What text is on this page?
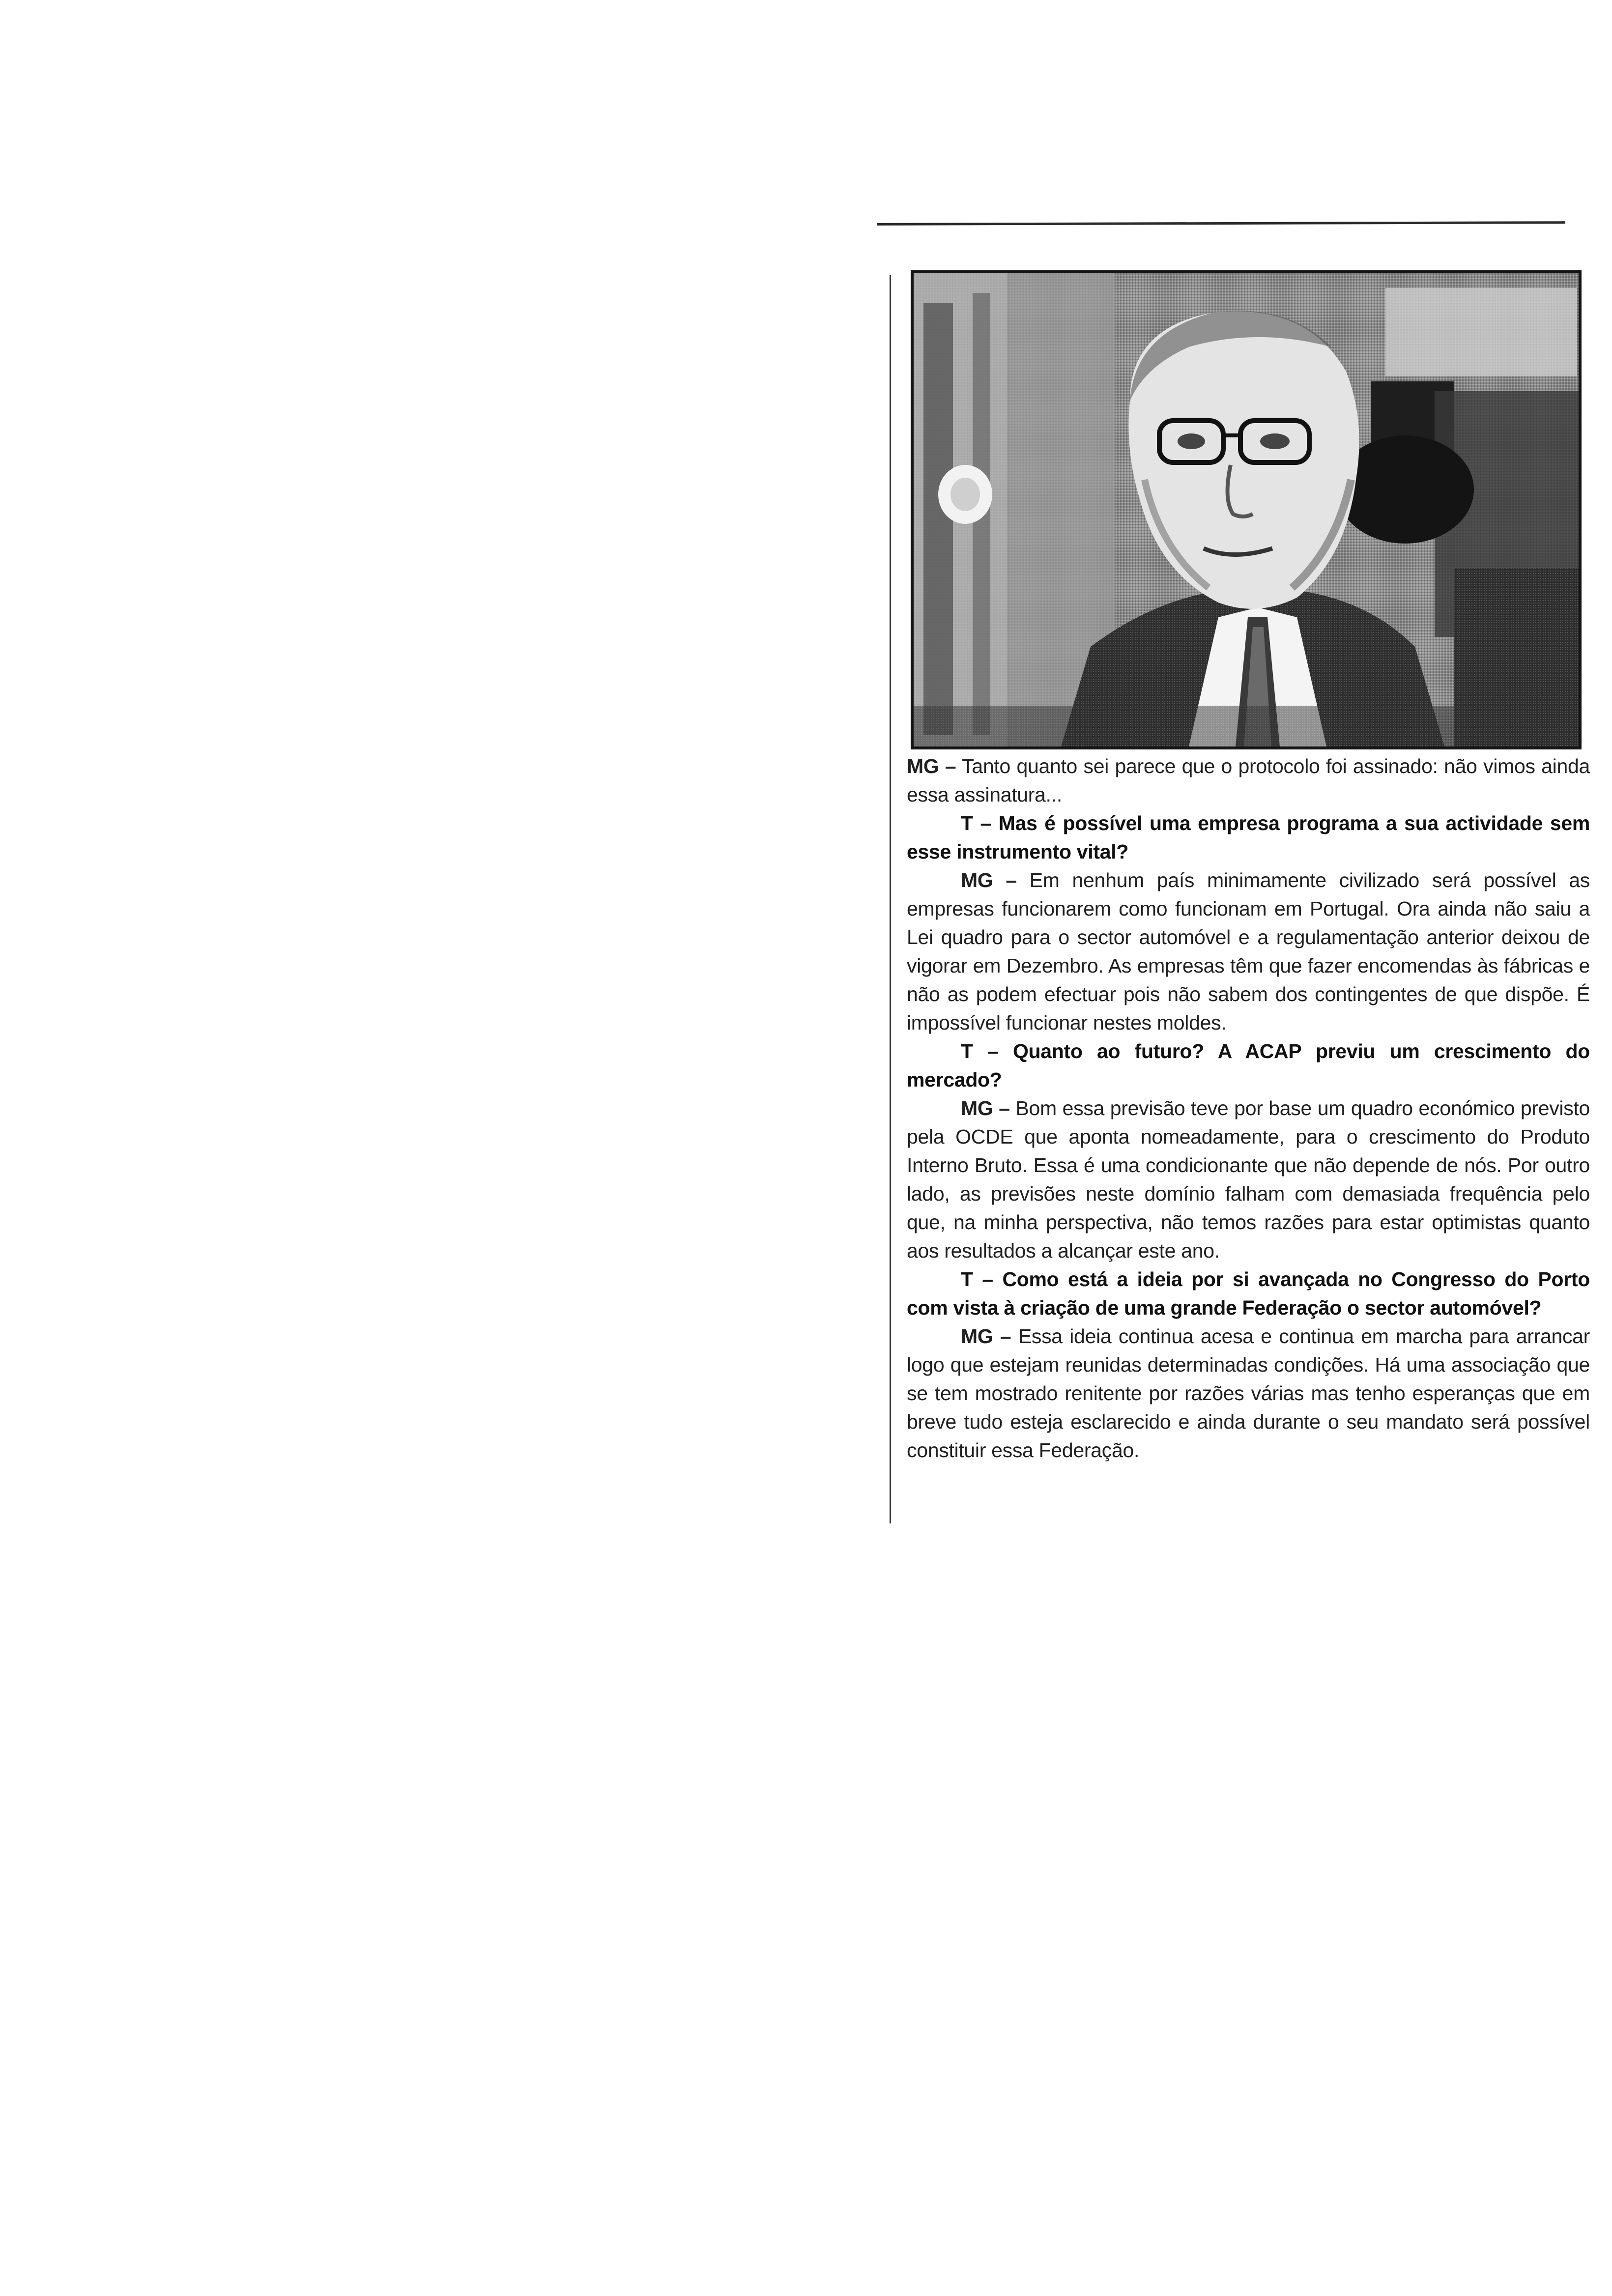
MG – Tanto quanto sei parece que o protocolo foi assinado: não vimos ainda essa assinatura...

T – Mas é possível uma empresa programa a sua actividade sem esse instrumento vital?

MG – Em nenhum país minimamente civilizado será possível as empresas funcionarem como funcionam em Portugal. Ora ainda não saiu a Lei quadro para o sector automóvel e a regulamentação anterior deixou de vigorar em Dezembro. As empresas têm que fazer encomendas às fábricas e não as podem efectuar pois não sabem dos contingentes de que dispõe. É impossível funcionar nestes moldes.

T – Quanto ao futuro? A ACAP previu um crescimento do mercado?

MG – Bom essa previsão teve por base um quadro económico previsto pela OCDE que aponta nomeadamente, para o crescimento do Produto Interno Bruto. Essa é uma condicionante que não depende de nós. Por outro lado, as previsões neste domínio falham com demasiada frequência pelo que, na minha perspectiva, não temos razões para estar optimistas quanto aos resultados a alcançar este ano.

T – Como está a ideia por si avançada no Congresso do Porto com vista à criação de uma grande Federação o sector automóvel?

MG – Essa ideia continua acesa e continua em marcha para arrancar logo que estejam reunidas determinadas condições. Há uma associação que se tem mostrado renitente por razões várias mas tenho esperanças que em breve tudo esteja esclarecido e ainda durante o seu mandato será possível constituir essa Federação.
